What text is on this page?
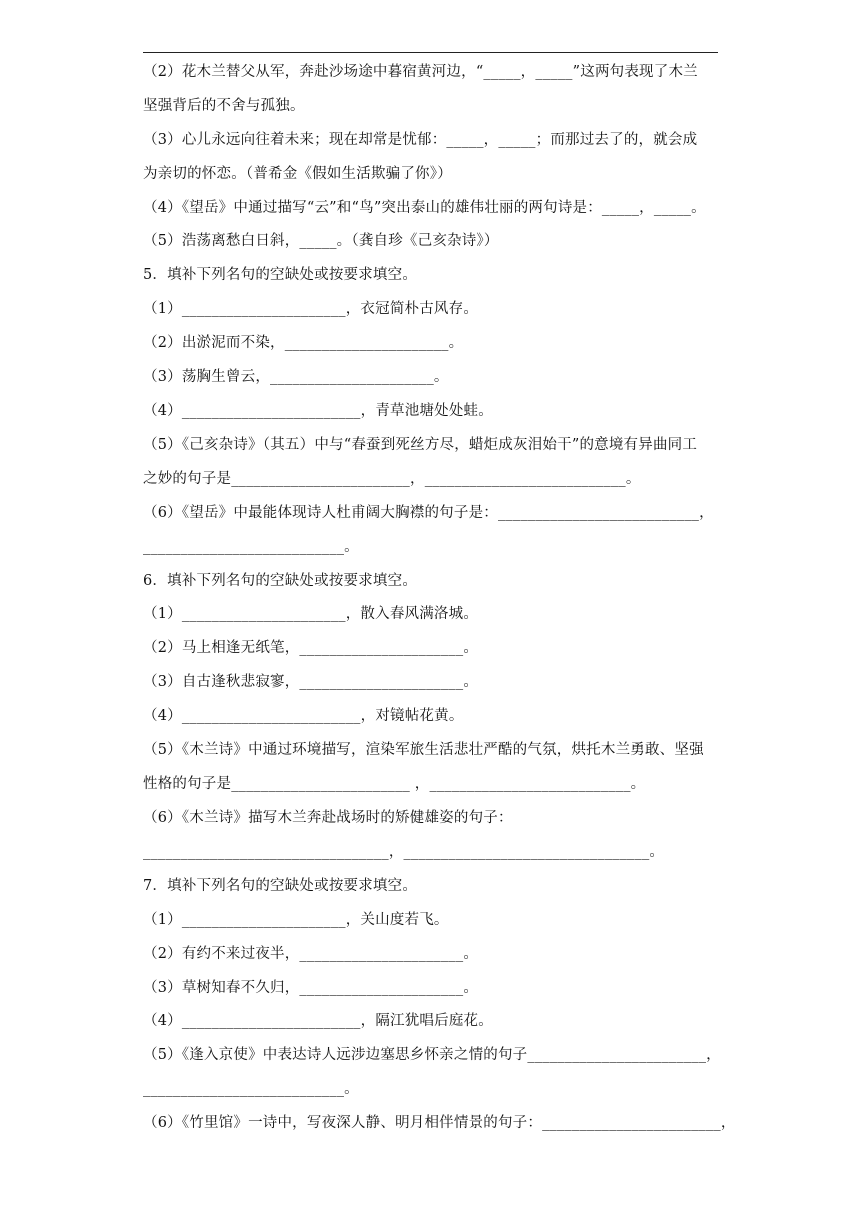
（2）花木兰替父从军，奔赴沙场途中暮宿黄河边，“_____，_____”这两句表现了木兰
坚强背后的不舍与孤独。
（3）心儿永远向往着未来；现在却常是忧郁：_____，_____；而那过去了的，就会成
为亲切的怀恋。（普希金《假如生活欺骗了你》）
（4）《望岳》中通过描写“云”和“鸟”突出泰山的雄伟壮丽的两句诗是：_____，_____。
（5）浩荡离愁白日斜，_____。（龚自珍《己亥杂诗》）
5．填补下列名句的空缺处或按要求填空。
（1）______________________，衣冠简朴古风存。
（2）出淤泥而不染，______________________。
（3）荡胸生曾云，______________________。
（4）________________________，青草池塘处处蛙。
（5）《己亥杂诗》（其五）中与“春蚕到死丝方尽，蜡炬成灰泪始干”的意境有异曲同工
之妙的句子是________________________，___________________________。
（6）《望岳》中最能体现诗人杜甫阔大胸襟的句子是：___________________________，
___________________________。
6．填补下列名句的空缺处或按要求填空。
（1）______________________，散入春风满洛城。
（2）马上相逢无纸笔，______________________。
（3）自古逢秋悲寂寥，______________________。
（4）________________________，对镜帖花黄。
（5）《木兰诗》中通过环境描写，渲染军旅生活悲壮严酷的气氛，烘托木兰勇敢、坚强
性格的句子是________________________ ，___________________________。
（6）《木兰诗》描写木兰奔赴战场时的矫健雄姿的句子：
_________________________________，_________________________________。
7．填补下列名句的空缺处或按要求填空。
（1）______________________，关山度若飞。
（2）有约不来过夜半，______________________。
（3）草树知春不久归，______________________。
（4）________________________，隔江犹唱后庭花。
（5）《逢入京使》中表达诗人远涉边塞思乡怀亲之情的句子________________________，
___________________________。
（6）《竹里馆》一诗中，写夜深人静、明月相伴情景的句子：________________________，
